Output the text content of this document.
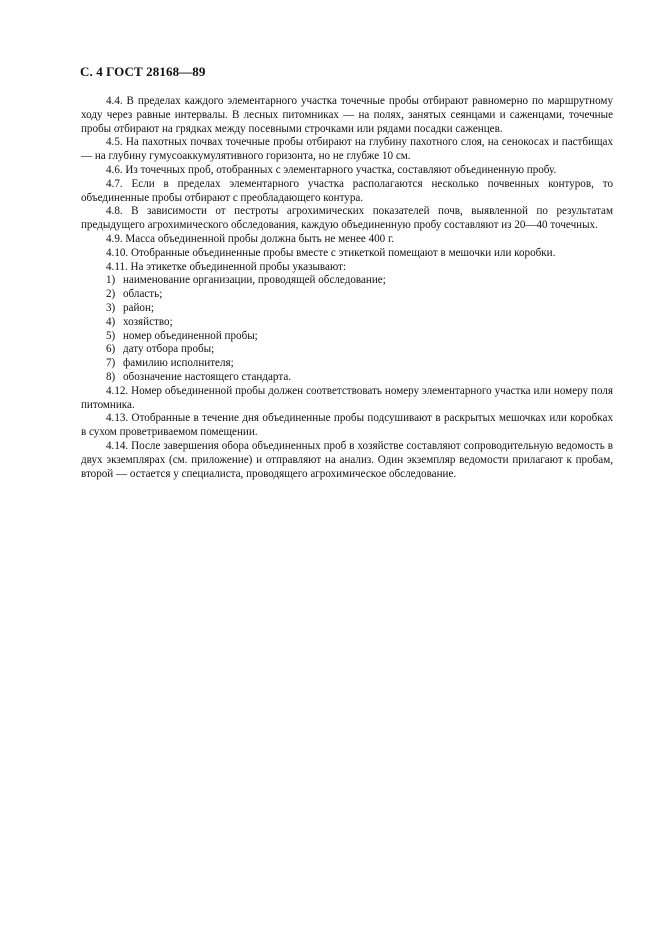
С. 4 ГОСТ 28168—89

4.4. В пределах каждого элементарного участка точечные пробы отбирают равномерно по маршрутному ходу через равные интервалы. В лесных питомниках — на полях, занятых сеянцами и саженцами, точечные пробы отбирают на грядках между посевными строчками или рядами посадки саженцев.

4.5. На пахотных почвах точечные пробы отбирают на глубину пахотного слоя, на сенокосах и пастбищах — на глубину гумусоаккумулятивного горизонта, но не глубже 10 см.

4.6. Из точечных проб, отобранных с элементарного участка, составляют объединенную пробу.

4.7. Если в пределах элементарного участка располагаются несколько почвенных контуров, то объединенные пробы отбирают с преобладающего контура.

4.8. В зависимости от пестроты агрохимических показателей почв, выявленной по результатам предыдущего агрохимического обследования, каждую объединенную пробу составляют из 20—40 точечных.

4.9. Масса объединенной пробы должна быть не менее 400 г.

4.10. Отобранные объединенные пробы вместе с этикеткой помещают в мешочки или коробки.

4.11. На этикетке объединенной пробы указывают:

1) наименование организации, проводящей обследование;

2) область;

3) район;

4) хозяйство;

5) номер объединенной пробы;

6) дату отбора пробы;

7) фамилию исполнителя;

8) обозначение настоящего стандарта.

4.12. Номер объединенной пробы должен соответствовать номеру элементарного участка или номеру поля питомника.

4.13. Отобранные в течение дня объединенные пробы подсушивают в раскрытых мешочках или коробках в сухом проветриваемом помещении.

4.14. После завершения обора объединенных проб в хозяйстве составляют сопроводительную ведомость в двух экземплярах (см. приложение) и отправляют на анализ. Один экземпляр ведомости прилагают к пробам, второй — остается у специалиста, проводящего агрохимическое обследование.
